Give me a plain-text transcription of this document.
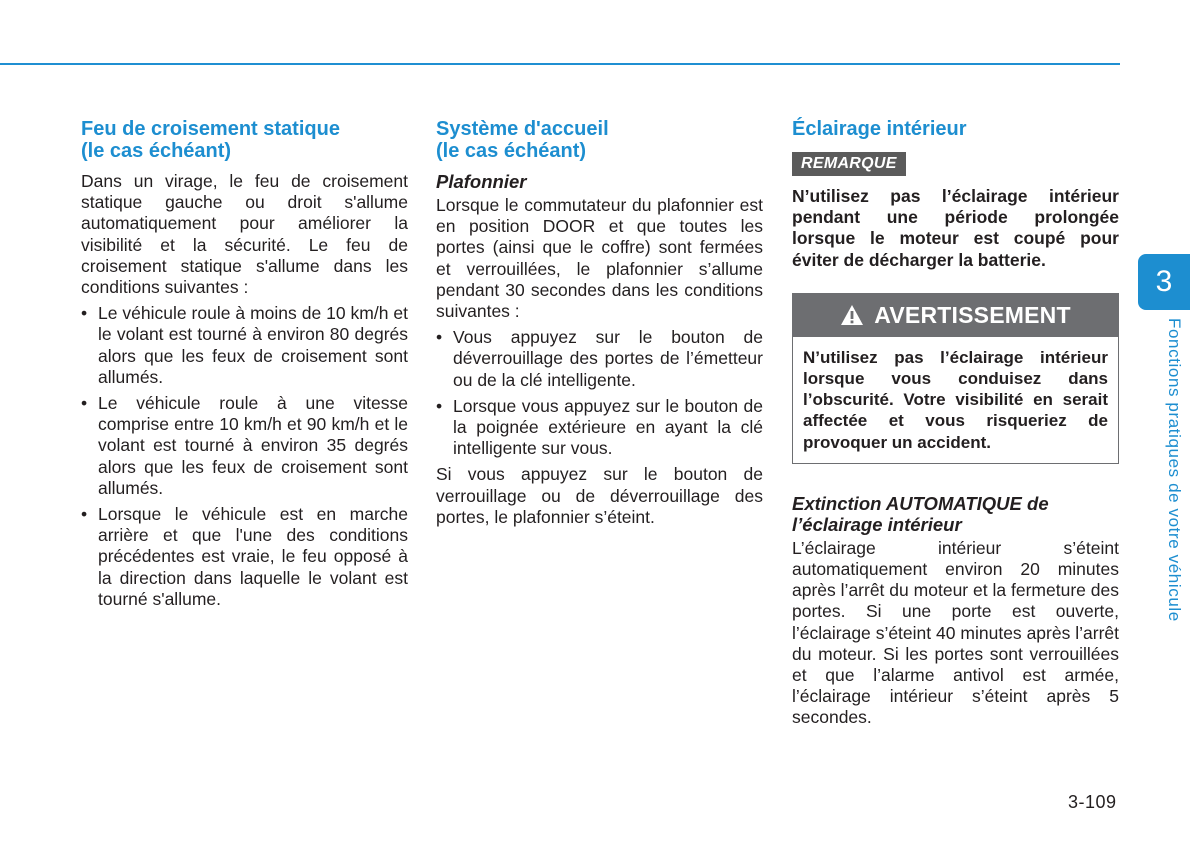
Feu de croisement statique
(le cas échéant)

Dans un virage, le feu de croisement statique gauche ou droit s'allume automatiquement pour améliorer la visibilité et la sécurité. Le feu de croisement statique s'allume dans les conditions suivantes :

• Le véhicule roule à moins de 10 km/h et le volant est tourné à environ 80 degrés alors que les feux de croisement sont allumés.
• Le véhicule roule à une vitesse comprise entre 10 km/h et 90 km/h et le volant est tourné à environ 35 degrés alors que les feux de croisement sont allumés.
• Lorsque le véhicule est en marche arrière et que l'une des conditions précédentes est vraie, le feu opposé à la direction dans laquelle le volant est tourné s'allume.
Système d'accueil
(le cas échéant)
Plafonnier

Lorsque le commutateur du plafonnier est en position DOOR et que toutes les portes (ainsi que le coffre) sont fermées et verrouillées, le plafonnier s’allume pendant 30 secondes dans les conditions suivantes :

• Vous appuyez sur le bouton de déverrouillage des portes de l’émetteur ou de la clé intelligente.
• Lorsque vous appuyez sur le bouton de la poignée extérieure en ayant la clé intelligente sur vous.

Si vous appuyez sur le bouton de verrouillage ou de déverrouillage des portes, le plafonnier s’éteint.

Éclairage intérieur
REMARQUE

N’utilisez pas l’éclairage intérieur pendant une période prolongée lorsque le moteur est coupé pour éviter de décharger la batterie.

AVERTISSEMENT

N’utilisez pas l’éclairage intérieur lorsque vous conduisez dans l’obscurité. Votre visibilité en serait affectée et vous risqueriez de provoquer un accident.

Extinction AUTOMATIQUE de
l’éclairage intérieur

L’éclairage intérieur s’éteint automatiquement environ 20 minutes après l’arrêt du moteur et la fermeture des portes. Si une porte est ouverte, l’éclairage s’éteint 40 minutes après l’arrêt du moteur. Si les portes sont verrouillées et que l’alarme antivol est armée, l’éclairage intérieur s’éteint après 5 secondes.

3
Fonctions pratiques de votre véhicule
3-109
